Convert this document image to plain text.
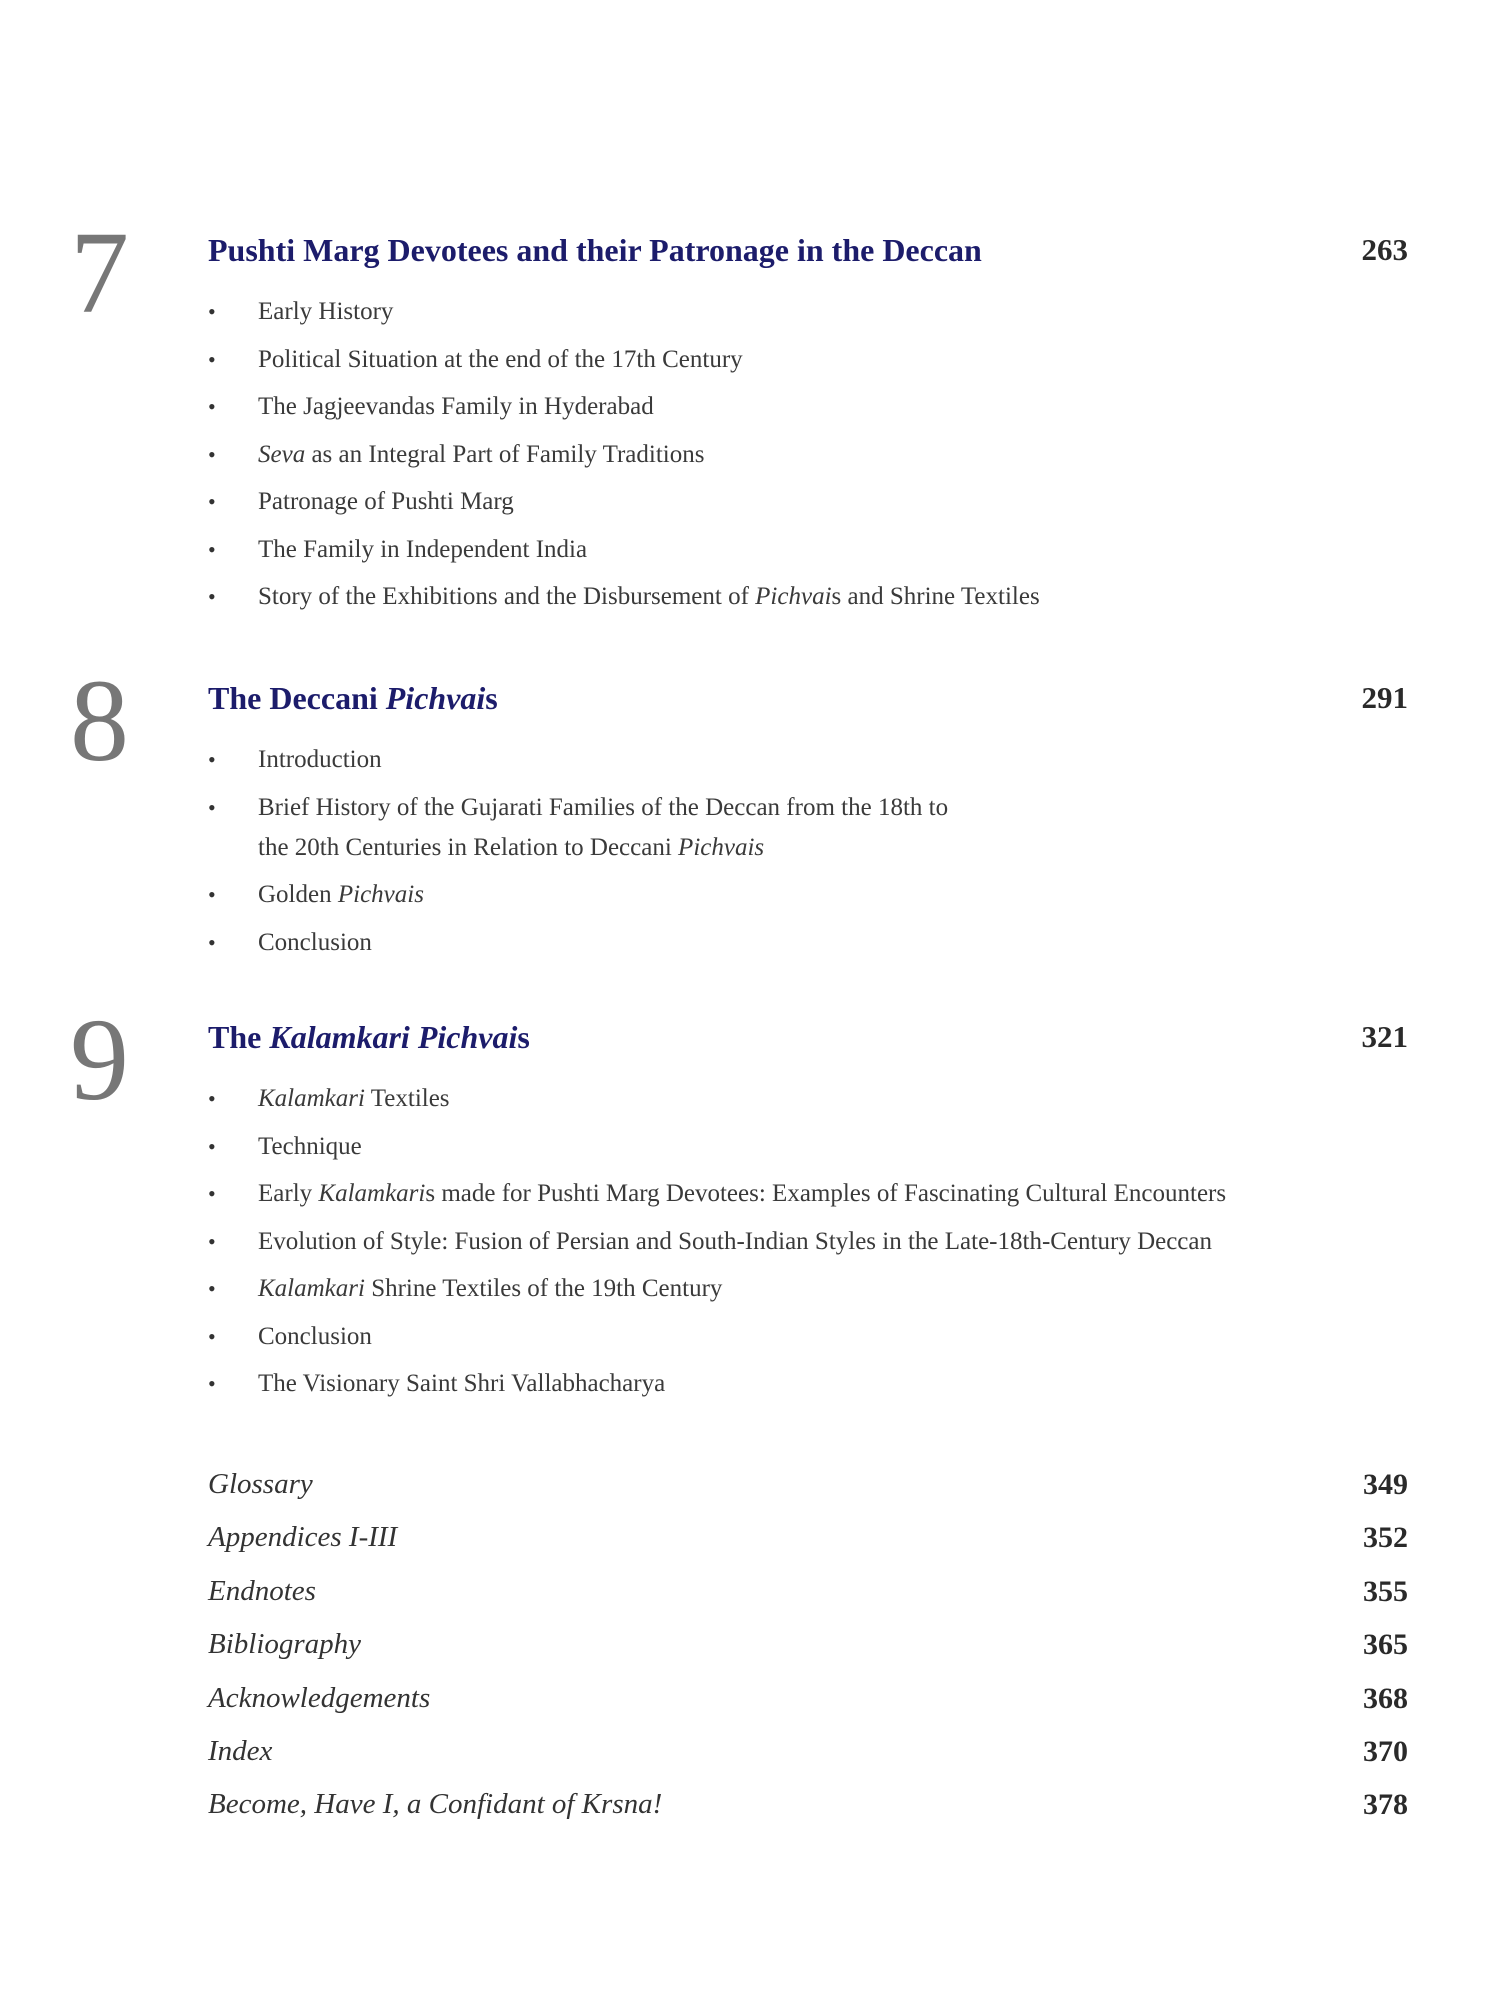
7 Pushti Marg Devotees and their Patronage in the Deccan	263
• Early History
• Political Situation at the end of the 17th Century
• The Jagjeevandas Family in Hyderabad
• Seva as an Integral Part of Family Traditions
• Patronage of Pushti Marg
• The Family in Independent India
• Story of the Exhibitions and the Disbursement of Pichvais and Shrine Textiles
8 The Deccani Pichvais	291
• Introduction
• Brief History of the Gujarati Families of the Deccan from the 18th to
the 20th Centuries in Relation to Deccani Pichvais
• Golden Pichvais
• Conclusion
9 The Kalamkari Pichvais	321
• Kalamkari Textiles
• Technique
• Early Kalamkaris made for Pushti Marg Devotees: Examples of Fascinating Cultural Encounters
• Evolution of Style: Fusion of Persian and South-Indian Styles in the Late-18th-Century Deccan
• Kalamkari Shrine Textiles of the 19th Century
• Conclusion
• The Visionary Saint Shri Vallabhacharya
Glossary	349
Appendices I-III	352
Endnotes	355
Bibliography	365
Acknowledgements	368
Index	370
Become, Have I, a Confidant of Krsna!	378
